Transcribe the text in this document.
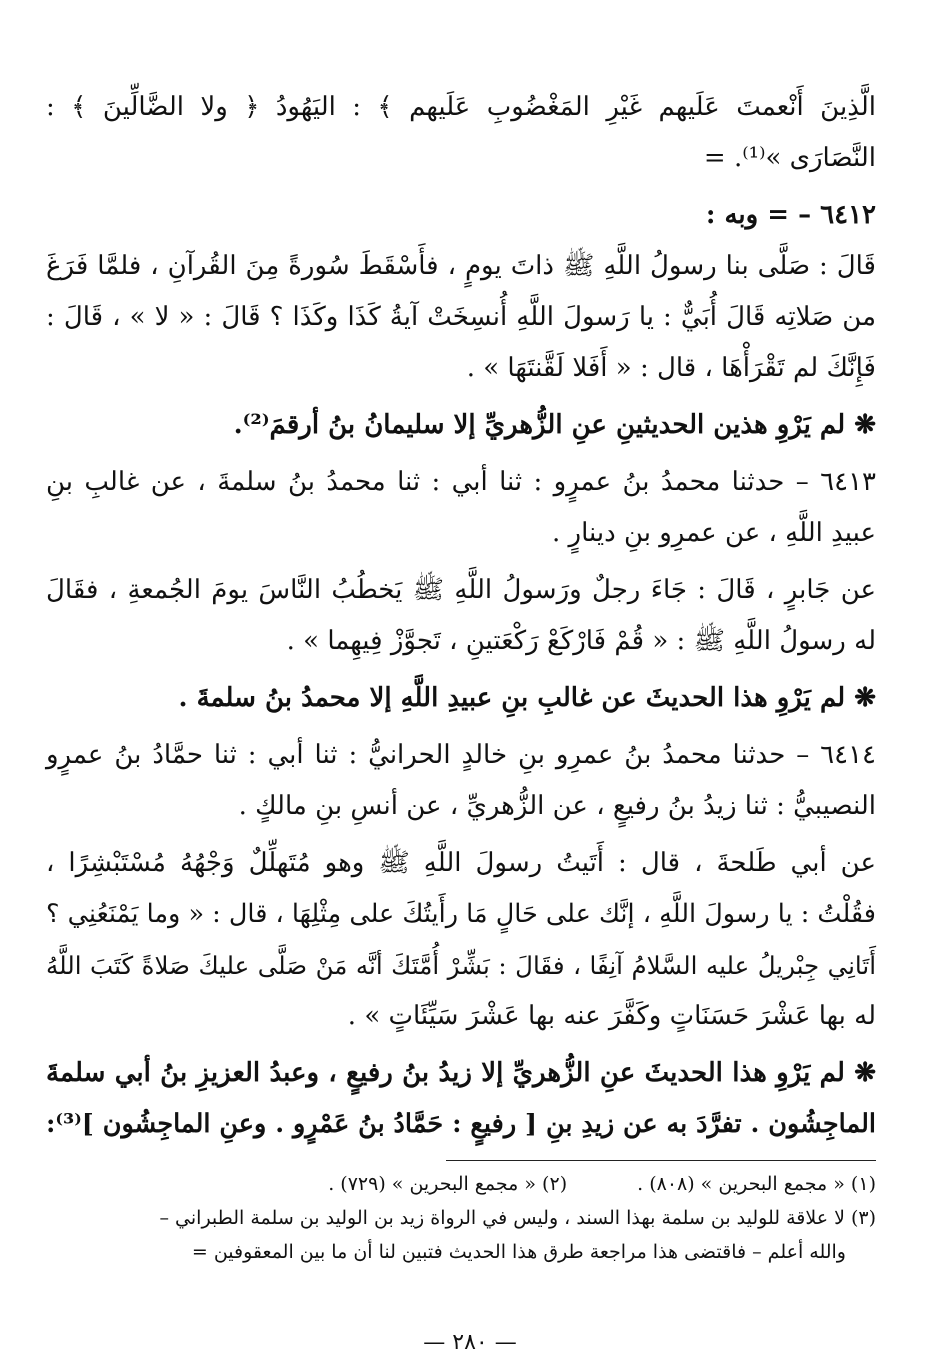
الَّذِينَ أَنْعمتَ عَلَيهم غَيْرِ المَغْضُوبِ عَلَيهم ﴾ : اليَهُودُ ﴿ ولا الضَّالِّينَ ﴾ :
النَّصَارَى »⁽¹⁾. =
٦٤١٢ – = وبه :
قَالَ : صَلَّى بنا رسولُ اللَّهِ ﷺ ذاتَ يومٍ ، فأَسْقَطَ سُورةً مِنَ القُرآنِ ، فلمَّا فَرَغَ
من صَلاتِه قَالَ أُبَيٌّ : يا رَسولَ اللَّهِ أُنسِخَتْ آيةُ كَذَا وكَذَا ؟ قَالَ : « لا » ، قَالَ :
فَإِنَّكَ لم تَقْرَأْهَا ، قال : « أَفَلا لَقَّنتَهَا » .
❋ لم يَرْوِ هذين الحديثينِ عنِ الزُّهريِّ إلا سليمانُ بنُ أرقمَ⁽²⁾.
٦٤١٣ – حدثنا محمدُ بنُ عمرٍو : ثنا أبي : ثنا محمدُ بنُ سلمةَ ، عن غالبِ بنِ
عبيدِ اللَّهِ ، عن عمرِو بنِ دينارٍ .
عن جَابرٍ ، قَالَ : جَاءَ رجلٌ ورَسولُ اللَّهِ ﷺ يَخطُبُ النَّاسَ يومَ الجُمعةِ ، فقَالَ
له رسولُ اللَّهِ ﷺ : « قُمْ فَارْكَعْ رَكْعَتينِ ، تَجوَّزْ فِيهِما » .
❋ لم يَرْوِ هذا الحديثَ عن غالبِ بنِ عبيدِ اللَّهِ إلا محمدُ بنُ سلمةَ .
٦٤١٤ – حدثنا محمدُ بنُ عمرِو بنِ خالدٍ الحرانيُّ : ثنا أبي : ثنا حمَّادُ بنُ عمرٍو
النصيبيُّ : ثنا زيدُ بنُ رفيعٍ ، عن الزُّهريِّ ، عن أنسِ بنِ مالكٍ .
عن أبي طَلحةَ ، قال : أَتَيتُ رسولَ اللَّهِ ﷺ وهو مُتَهلِّلٌ وَجْهُهُ مُسْتَبْشِرًا ،
فقُلْتُ : يا رسولَ اللَّهِ ، إنَّك على حَالٍ مَا رأَيتُكَ على مِثْلِهَا ، قال : « وما يَمْنَعُنِي ؟
أَتَانِي جِبْريلُ عليه السَّلامُ آنِفًا ، فقَالَ : بَشِّرْ أُمَّتَكَ أنَّه مَنْ صَلَّى عليكَ صَلاةً كَتَبَ اللَّهُ
له بها عَشْرَ حَسَنَاتٍ وكَفَّرَ عنه بها عَشْرَ سَيِّئَاتٍ » .
❋ لم يَرْوِ هذا الحديثَ عنِ الزُّهريِّ إلا زيدُ بنُ رفيعٍ ، وعبدُ العزيزِ بنُ أبي سلمةَ
الماجِشُون . تفرَّدَ به عن زيدِ بنِ [ رفيعٍ : حَمَّادُ بنُ عَمْرٍو . وعنِ الماجِشُون ]⁽³⁾:
(١) « مجمع البحرين » (٨٠٨) .
(٢) « مجمع البحرين » (٧٢٩) .
(٣) لا علاقة للوليد بن سلمة بهذا السند ، وليس في الرواة زيد بن الوليد بن سلمة الطبراني –
والله أعلم – فاقتضى هذا مراجعة طرق هذا الحديث فتبين لنا أن ما بين المعقوفين =
— ٢٨٠ —
